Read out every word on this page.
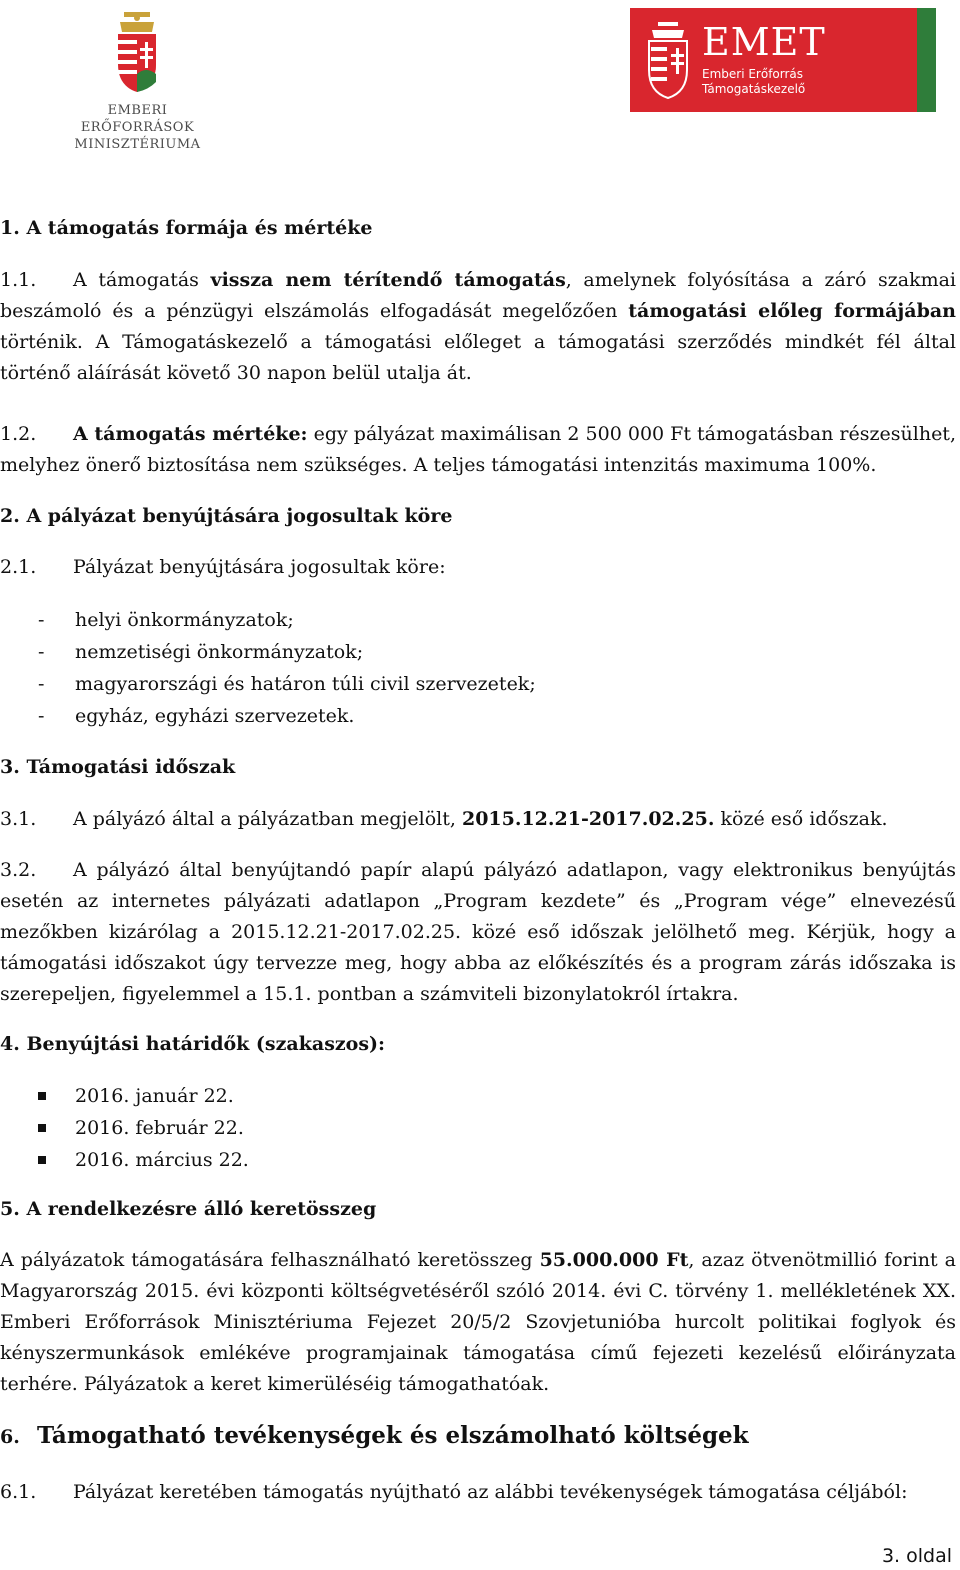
EMBERI ERŐFORRÁSOK
MINISZTÉRIUMA
EMET
Emberi Erőforrás
Támogatáskezelő
1. A támogatás formája és mértéke

1.1. A támogatás vissza nem térítendő támogatás, amelynek folyósítása a záró szakmai beszámoló és a pénzügyi elszámolás elfogadását megelőzően támogatási előleg formájában történik. A Támogatáskezelő a támogatási előleget a támogatási szerződés mindkét fél által történő aláírását követő 30 napon belül utalja át.

1.2. A támogatás mértéke: egy pályázat maximálisan 2 500 000 Ft támogatásban részesülhet, melyhez önerő biztosítása nem szükséges. A teljes támogatási intenzitás maximuma 100%.

2. A pályázat benyújtására jogosultak köre

2.1. Pályázat benyújtására jogosultak köre:

- helyi önkormányzatok;
- nemzetiségi önkormányzatok;
- magyarországi és határon túli civil szervezetek;
- egyház, egyházi szervezetek.
3. Támogatási időszak

3.1. A pályázó által a pályázatban megjelölt, 2015.12.21-2017.02.25. közé eső időszak.

3.2. A pályázó által benyújtandó papír alapú pályázó adatlapon, vagy elektronikus benyújtás esetén az internetes pályázati adatlapon „Program kezdete” és „Program vége” elnevezésű mezőkben kizárólag a 2015.12.21-2017.02.25. közé eső időszak jelölhető meg. Kérjük, hogy a támogatási időszakot úgy tervezze meg, hogy abba az előkészítés és a program zárás időszaka is szerepeljen, figyelemmel a 15.1. pontban a számviteli bizonylatokról írtakra.

4. Benyújtási határidők (szakaszos):
2016. január 22.
2016. február 22.
2016. március 22.
5. A rendelkezésre álló keretösszeg

A pályázatok támogatására felhasználható keretösszeg 55.000.000 Ft, azaz ötvenötmillió forint a Magyarország 2015. évi központi költségvetéséről szóló 2014. évi C. törvény 1. mellékletének XX. Emberi Erőforrások Minisztériuma Fejezet 20/5/2 Szovjetunióba hurcolt politikai foglyok és kényszermunkások emlékéve programjainak támogatása című fejezeti kezelésű előirányzata terhére. Pályázatok a keret kimerüléséig támogathatóak.

6. Támogatható tevékenységek és elszámolható költségek

6.1. Pályázat keretében támogatás nyújtható az alábbi tevékenységek támogatása céljából:

3. oldal
